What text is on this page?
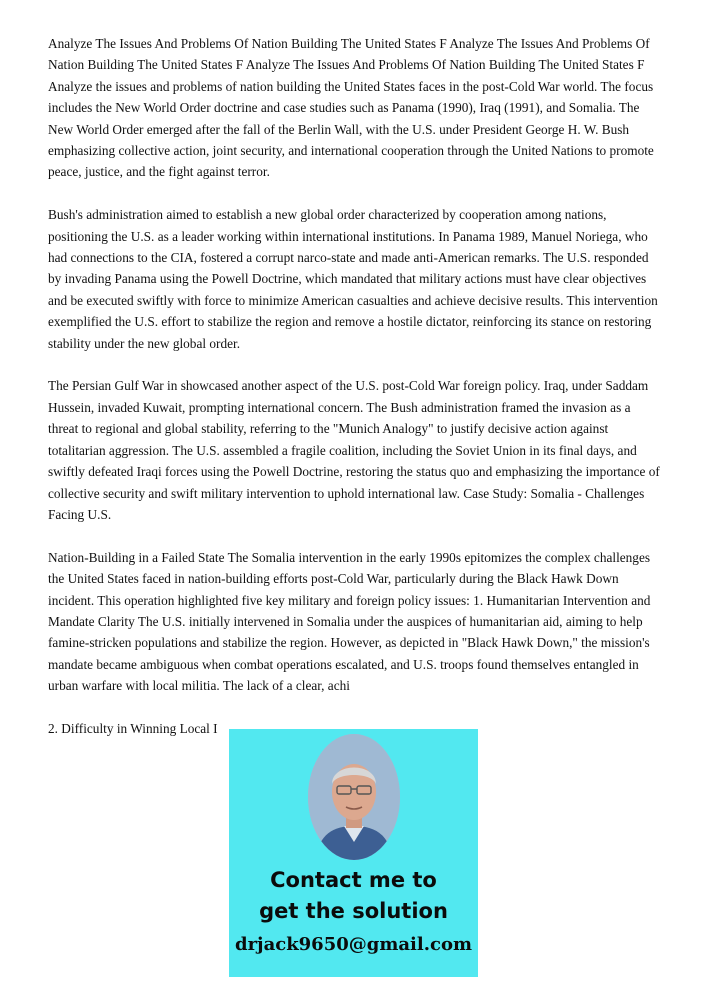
Analyze The Issues And Problems Of Nation Building The United States F Analyze The Issues And Problems Of Nation Building The United States F Analyze The Issues And Problems Of Nation Building The United States F Analyze the issues and problems of nation building the United States faces in the post-Cold War world. The focus includes the New World Order doctrine and case studies such as Panama (1990), Iraq (1991), and Somalia. The New World Order emerged after the fall of the Berlin Wall, with the U.S. under President George H. W. Bush emphasizing collective action, joint security, and international cooperation through the United Nations to promote peace, justice, and the fight against terror.

Bush's administration aimed to establish a new global order characterized by cooperation among nations, positioning the U.S. as a leader working within international institutions. In Panama 1989, Manuel Noriega, who had connections to the CIA, fostered a corrupt narco-state and made anti-American remarks. The U.S. responded by invading Panama using the Powell Doctrine, which mandated that military actions must have clear objectives and be executed swiftly with force to minimize American casualties and achieve decisive results. This intervention exemplified the U.S. effort to stabilize the region and remove a hostile dictator, reinforcing its stance on restoring stability under the new global order.

The Persian Gulf War in showcased another aspect of the U.S. post-Cold War foreign policy. Iraq, under Saddam Hussein, invaded Kuwait, prompting international concern. The Bush administration framed the invasion as a threat to regional and global stability, referring to the "Munich Analogy" to justify decisive action against totalitarian aggression. The U.S. assembled a fragile coalition, including the Soviet Union in its final days, and swiftly defeated Iraqi forces using the Powell Doctrine, restoring the status quo and emphasizing the importance of collective security and swift military intervention to uphold international law. Case Study: Somalia - Challenges Facing U.S.

Nation-Building in a Failed State The Somalia intervention in the early 1990s epitomizes the complex challenges the United States faced in nation-building efforts post-Cold War, particularly during the Black Hawk Down incident. This operation highlighted five key military and foreign policy issues: 1. Humanitarian Intervention and Mandate Clarity The U.S. initially intervened in Somalia under the auspices of humanitarian aid, aiming to help famine-stricken populations and stabilize the region. However, as depicted in "Black Hawk Down," the mission's mandate became ambiguous when combat operations escalated, and U.S. troops found themselves entangled in urban warfare with local militia. The lack of a clear, achi

2. Difficulty in Winning Local I

Contact me to
get the solution
drjack9650@gmail.com
